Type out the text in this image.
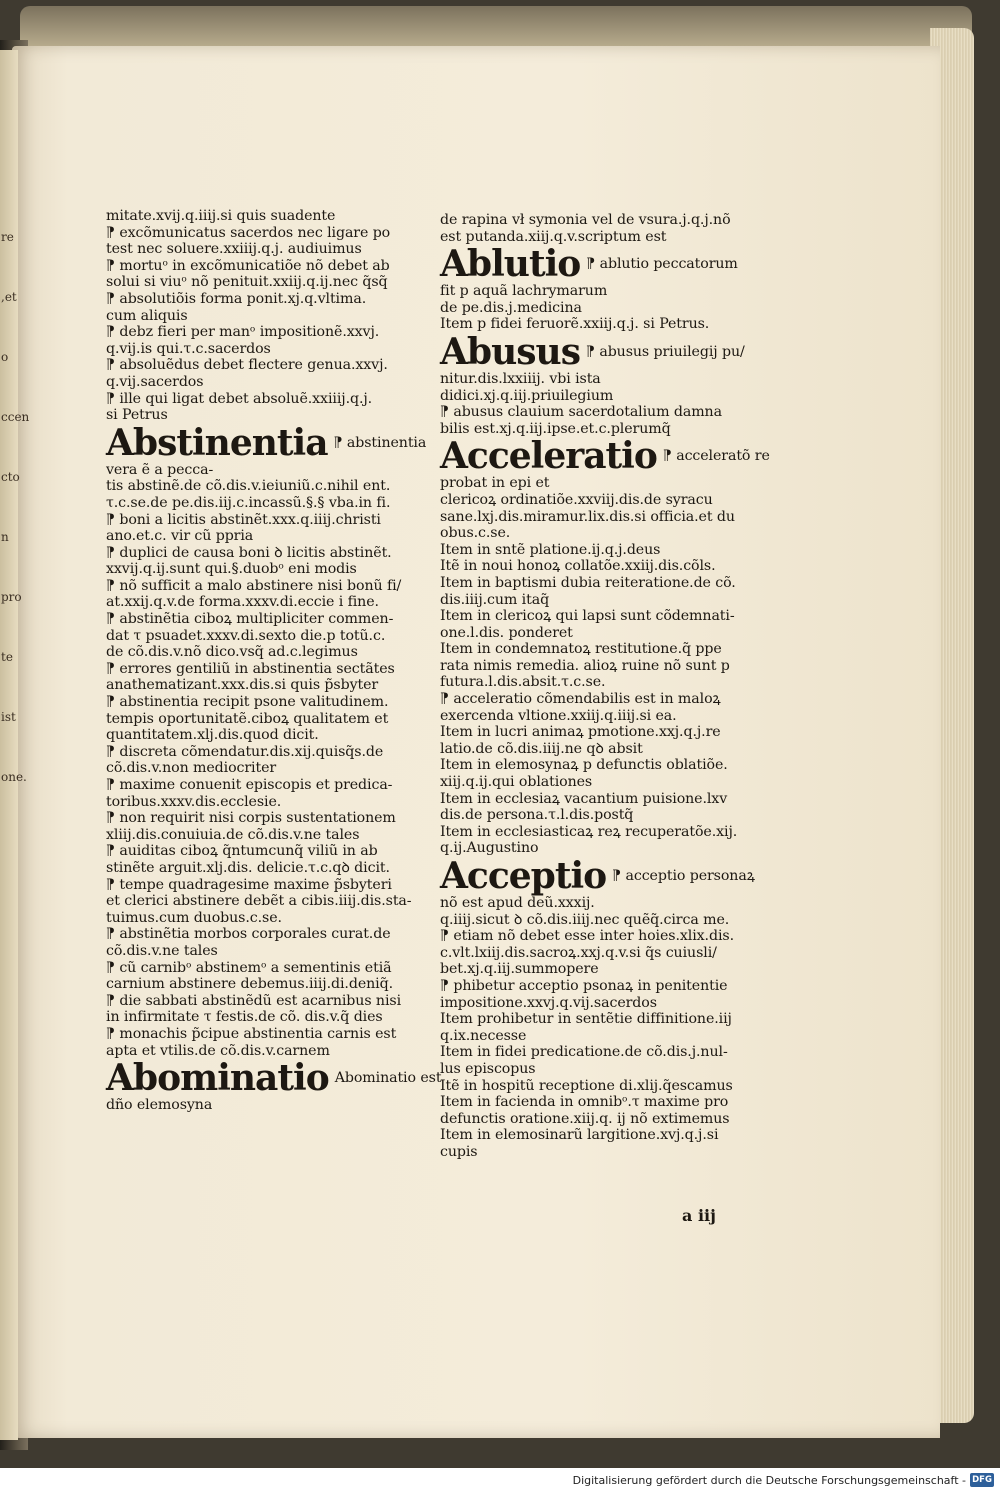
re
,et
o
ccen
cto
n
pro
te
ist
one.
mitate.xvij.q.iiij.si quis suadente
⁋ excõmunicatus sacerdos nec ligare po
test nec soluere.xxiiij.q.j. audiuimus
⁋ mortuᵒ in excõmunicatiõe nõ debet ab
solui si viuᵒ nõ penituit.xxiij.q.ij.nec q̃sq̃
⁋ absolutiõis forma ponit.xj.q.vltima.
cum aliquis
⁋ debz fieri per manᵒ impositionẽ.xxvj.
q.vij.is qui.τ.c.sacerdos
⁋ absoluẽdus debet flectere genua.xxvj.
q.vij.sacerdos
⁋ ille qui ligat debet absoluẽ.xxiiij.q.j.
si Petrus
Abstinentia ⁋ abstinentia
vera ẽ a pecca-
tis abstinẽ.de cõ.dis.v.ieiuniũ.c.nihil ent.
τ.c.se.de pe.dis.iij.c.incassũ.§.§ vba.in fi.
⁋ boni a licitis abstinẽt.xxx.q.iiij.christi
ano.et.c. vir cũ ppria
⁋ duplici de causa boni ꝺ licitis abstinẽt.
xxvij.q.ij.sunt qui.§.duobᵒ eni modis
⁋ nõ sufficit a malo abstinere nisi bonũ fi/
at.xxij.q.v.de forma.xxxv.di.eccie i fine.
⁋ abstinẽtia ciboꝝ multipliciter commen-
dat τ psuadet.xxxv.di.sexto die.p totũ.c.
de cõ.dis.v.nõ dico.vsq̃ ad.c.legimus
⁋ errores gentiliũ in abstinentia sectãtes
anathematizant.xxx.dis.si quis p̃sbyter
⁋ abstinentia recipit psone valitudinem.
tempis oportunitatẽ.ciboꝝ qualitatem et
quantitatem.xlj.dis.quod dicit.
⁋ discreta cõmendatur.dis.xij.quisq̃s.de
cõ.dis.v.non mediocriter
⁋ maxime conuenit episcopis et predica-
toribus.xxxv.dis.ecclesie.
⁋ non requirit nisi corpis sustentationem
xliij.dis.conuiuia.de cõ.dis.v.ne tales
⁋ auiditas ciboꝝ q̃ntumcunq̃ viliũ in ab
stinẽte arguit.xlj.dis. delicie.τ.c.qꝺ dicit.
⁋ tempe quadragesime maxime p̃sbyteri
et clerici abstinere debẽt a cibis.iiij.dis.sta-
tuimus.cum duobus.c.se.
⁋ abstinẽtia morbos corporales curat.de
cõ.dis.v.ne tales
⁋ cũ carnibᵒ abstinemᵒ a sementinis etiã
carnium abstinere debemus.iiij.di.deniq̃.
⁋ die sabbati abstinẽdũ est acarnibus nisi
in infirmitate τ festis.de cõ. dis.v.q̃ dies
⁋ monachis p̃cipue abstinentia carnis est
apta et vtilis.de cõ.dis.v.carnem
Abominatio Abominatio est
dño elemosyna
de rapina vł symonia vel de vsura.j.q.j.nõ
est putanda.xiij.q.v.scriptum est
Ablutio ⁋ ablutio peccatorum
fit p aquã lachrymarum
de pe.dis.j.medicina
Item p fidei feruorẽ.xxiij.q.j. si Petrus.
Abusus ⁋ abusus priuilegij pu/
nitur.dis.lxxiiij. vbi ista
didici.xj.q.iij.priuilegium
⁋ abusus clauium sacerdotalium damna
bilis est.xj.q.iij.ipse.et.c.plerumq̃
Acceleratio ⁋ acceleratõ re
probat in epi et
clericoꝝ ordinatiõe.xxviij.dis.de syracu
sane.lxj.dis.miramur.lix.dis.si officia.et du
obus.c.se.
Item in sntẽ platione.ij.q.j.deus
Itẽ in noui honoꝝ collatõe.xxiij.dis.cõls.
Item in baptismi dubia reiteratione.de cõ.
dis.iiij.cum itaq̃
Item in clericoꝝ qui lapsi sunt cõdemnati-
one.l.dis. ponderet
Item in condemnatoꝝ restitutione.q̃ ppe
rata nimis remedia. alioꝝ ruine nõ sunt p
futura.l.dis.absit.τ.c.se.
⁋ acceleratio cõmendabilis est in maloꝝ
exercenda vltione.xxiij.q.iiij.si ea.
Item in lucri animaꝝ pmotione.xxj.q.j.re
latio.de cõ.dis.iiij.ne qꝺ absit
Item in elemosynaꝝ p defunctis oblatiõe.
xiij.q.ij.qui oblationes
Item in ecclesiaꝝ vacantium puisione.lxv
dis.de persona.τ.l.dis.postq̃
Item in ecclesiasticaꝝ reꝝ recuperatõe.xij.
q.ij.Augustino
Acceptio ⁋ acceptio personaꝝ
nõ est apud deũ.xxxij.
q.iiij.sicut ꝺ cõ.dis.iiij.nec quẽq̃.circa me.
⁋ etiam nõ debet esse inter hoies.xlix.dis.
c.vlt.lxiij.dis.sacroꝝ.xxj.q.v.si q̃s cuiusli/
bet.xj.q.iij.summopere
⁋ phibetur acceptio psonaꝝ in penitentie
impositione.xxvj.q.vij.sacerdos
Item prohibetur in sentẽtie diffinitione.iij
q.ix.necesse
Item in fidei predicatione.de cõ.dis.j.nul-
lus episcopus
Itẽ in hospitũ receptione di.xlij.q̃escamus
Item in facienda in omnibᵒ.τ maxime pro
defunctis oratione.xiij.q. ij nõ extimemus
Item in elemosinarũ largitione.xvj.q.j.si
cupis
a iij
Digitalisierung gefördert durch die Deutsche Forschungsgemeinschaft - DFG
